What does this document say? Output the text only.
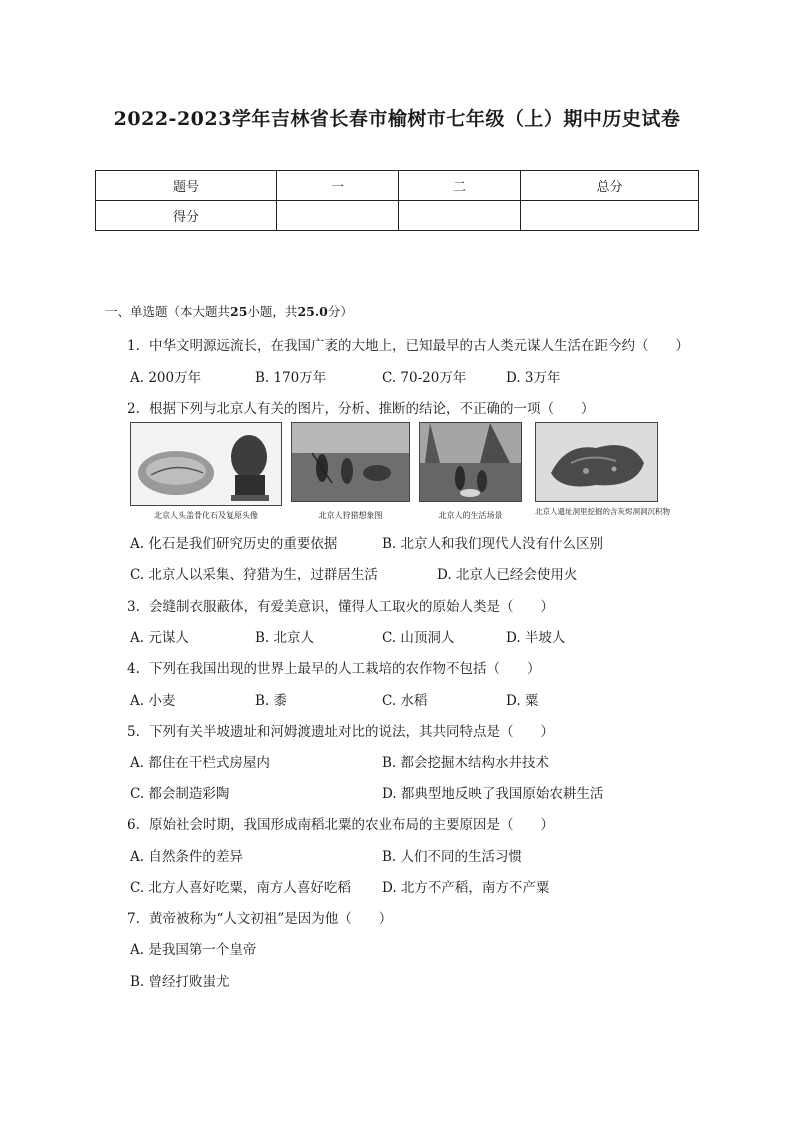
2022-2023学年吉林省长春市榆树市七年级（上）期中历史试卷
题号	一	二	总分
得分			
一、单选题（本大题共25小题，共25.0分）
1. 中华文明源远流长，在我国广袤的大地上，已知最早的古人类元谋人生活在距今约（　　）
A. 200万年	B. 170万年	C. 70-20万年	D. 3万年
2. 根据下列与北京人有关的图片，分析、推断的结论，不正确的一项（　　）
北京人头盖骨化石及复原头像	北京人狩猎想象图	北京人的生活场景	北京人遗址洞里挖掘的含灰烬洞洞沉积物
A. 化石是我们研究历史的重要依据	B. 北京人和我们现代人没有什么区别
C. 北京人以采集、狩猎为生，过群居生活	D. 北京人已经会使用火
3. 会缝制衣服蔽体，有爱美意识，懂得人工取火的原始人类是（　　）
A. 元谋人	B. 北京人	C. 山顶洞人	D. 半坡人
4. 下列在我国出现的世界上最早的人工栽培的农作物不包括（　　）
A. 小麦	B. 黍	C. 水稻	D. 粟
5. 下列有关半坡遗址和河姆渡遗址对比的说法，其共同特点是（　　）
A. 都住在干栏式房屋内	B. 都会挖掘木结构水井技术
C. 都会制造彩陶	D. 都典型地反映了我国原始农耕生活
6. 原始社会时期，我国形成南稻北粟的农业布局的主要原因是（　　）
A. 自然条件的差异	B. 人们不同的生活习惯
C. 北方人喜好吃粟，南方人喜好吃稻 D. 北方不产稻，南方不产粟
7. 黄帝被称为“人文初祖”是因为他（　　）
A. 是我国第一个皇帝
B. 曾经打败蚩尤
